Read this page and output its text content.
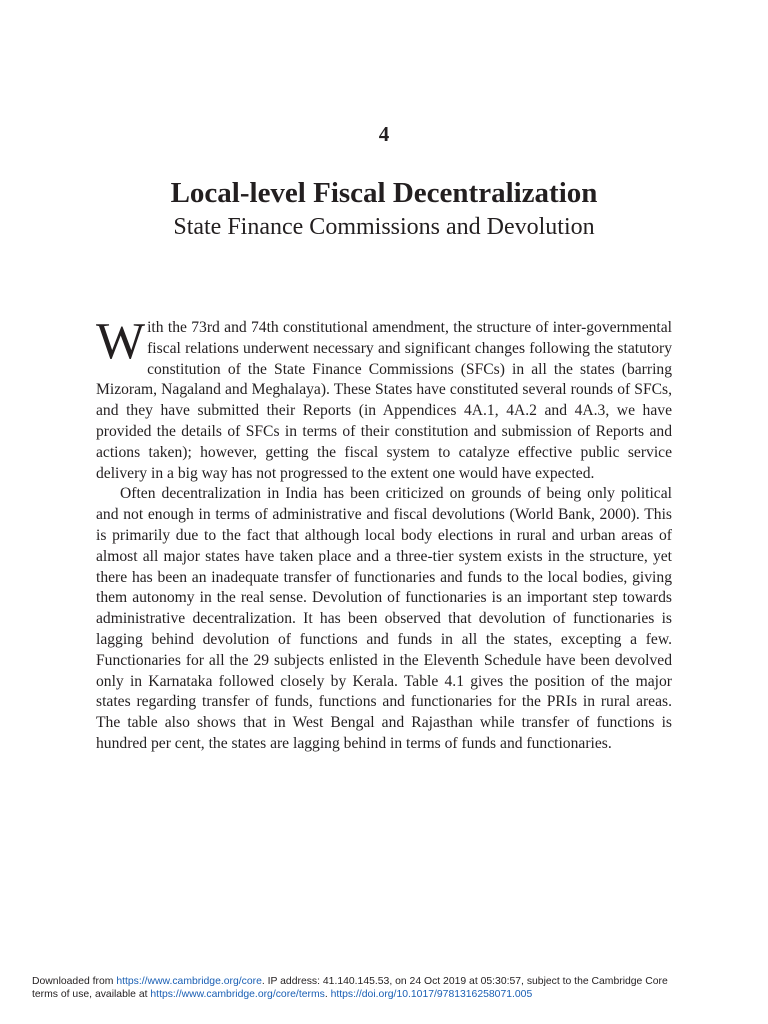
4
Local-level Fiscal Decentralization
State Finance Commissions and Devolution

With the 73rd and 74th constitutional amendment, the structure of inter-governmental fiscal relations underwent necessary and significant changes following the statutory constitution of the State Finance Commissions (SFCs) in all the states (barring Mizoram, Nagaland and Meghalaya). These States have constituted several rounds of SFCs, and they have submitted their Reports (in Appendices 4A.1, 4A.2 and 4A.3, we have provided the details of SFCs in terms of their constitution and submission of Reports and actions taken); however, getting the fiscal system to catalyze effective public service delivery in a big way has not progressed to the extent one would have expected.

Often decentralization in India has been criticized on grounds of being only political and not enough in terms of administrative and fiscal devolutions (World Bank, 2000). This is primarily due to the fact that although local body elections in rural and urban areas of almost all major states have taken place and a three-tier system exists in the structure, yet there has been an inadequate transfer of functionaries and funds to the local bodies, giving them autonomy in the real sense. Devolution of functionaries is an important step towards administrative decentralization. It has been observed that devolution of functionaries is lagging behind devolution of functions and funds in all the states, excepting a few. Functionaries for all the 29 subjects enlisted in the Eleventh Schedule have been devolved only in Karnataka followed closely by Kerala. Table 4.1 gives the position of the major states regarding transfer of funds, functions and functionaries for the PRIs in rural areas. The table also shows that in West Bengal and Rajasthan while transfer of functions is hundred per cent, the states are lagging behind in terms of funds and functionaries.

Downloaded from https://www.cambridge.org/core. IP address: 41.140.145.53, on 24 Oct 2019 at 05:30:57, subject to the Cambridge Core
terms of use, available at https://www.cambridge.org/core/terms. https://doi.org/10.1017/9781316258071.005
